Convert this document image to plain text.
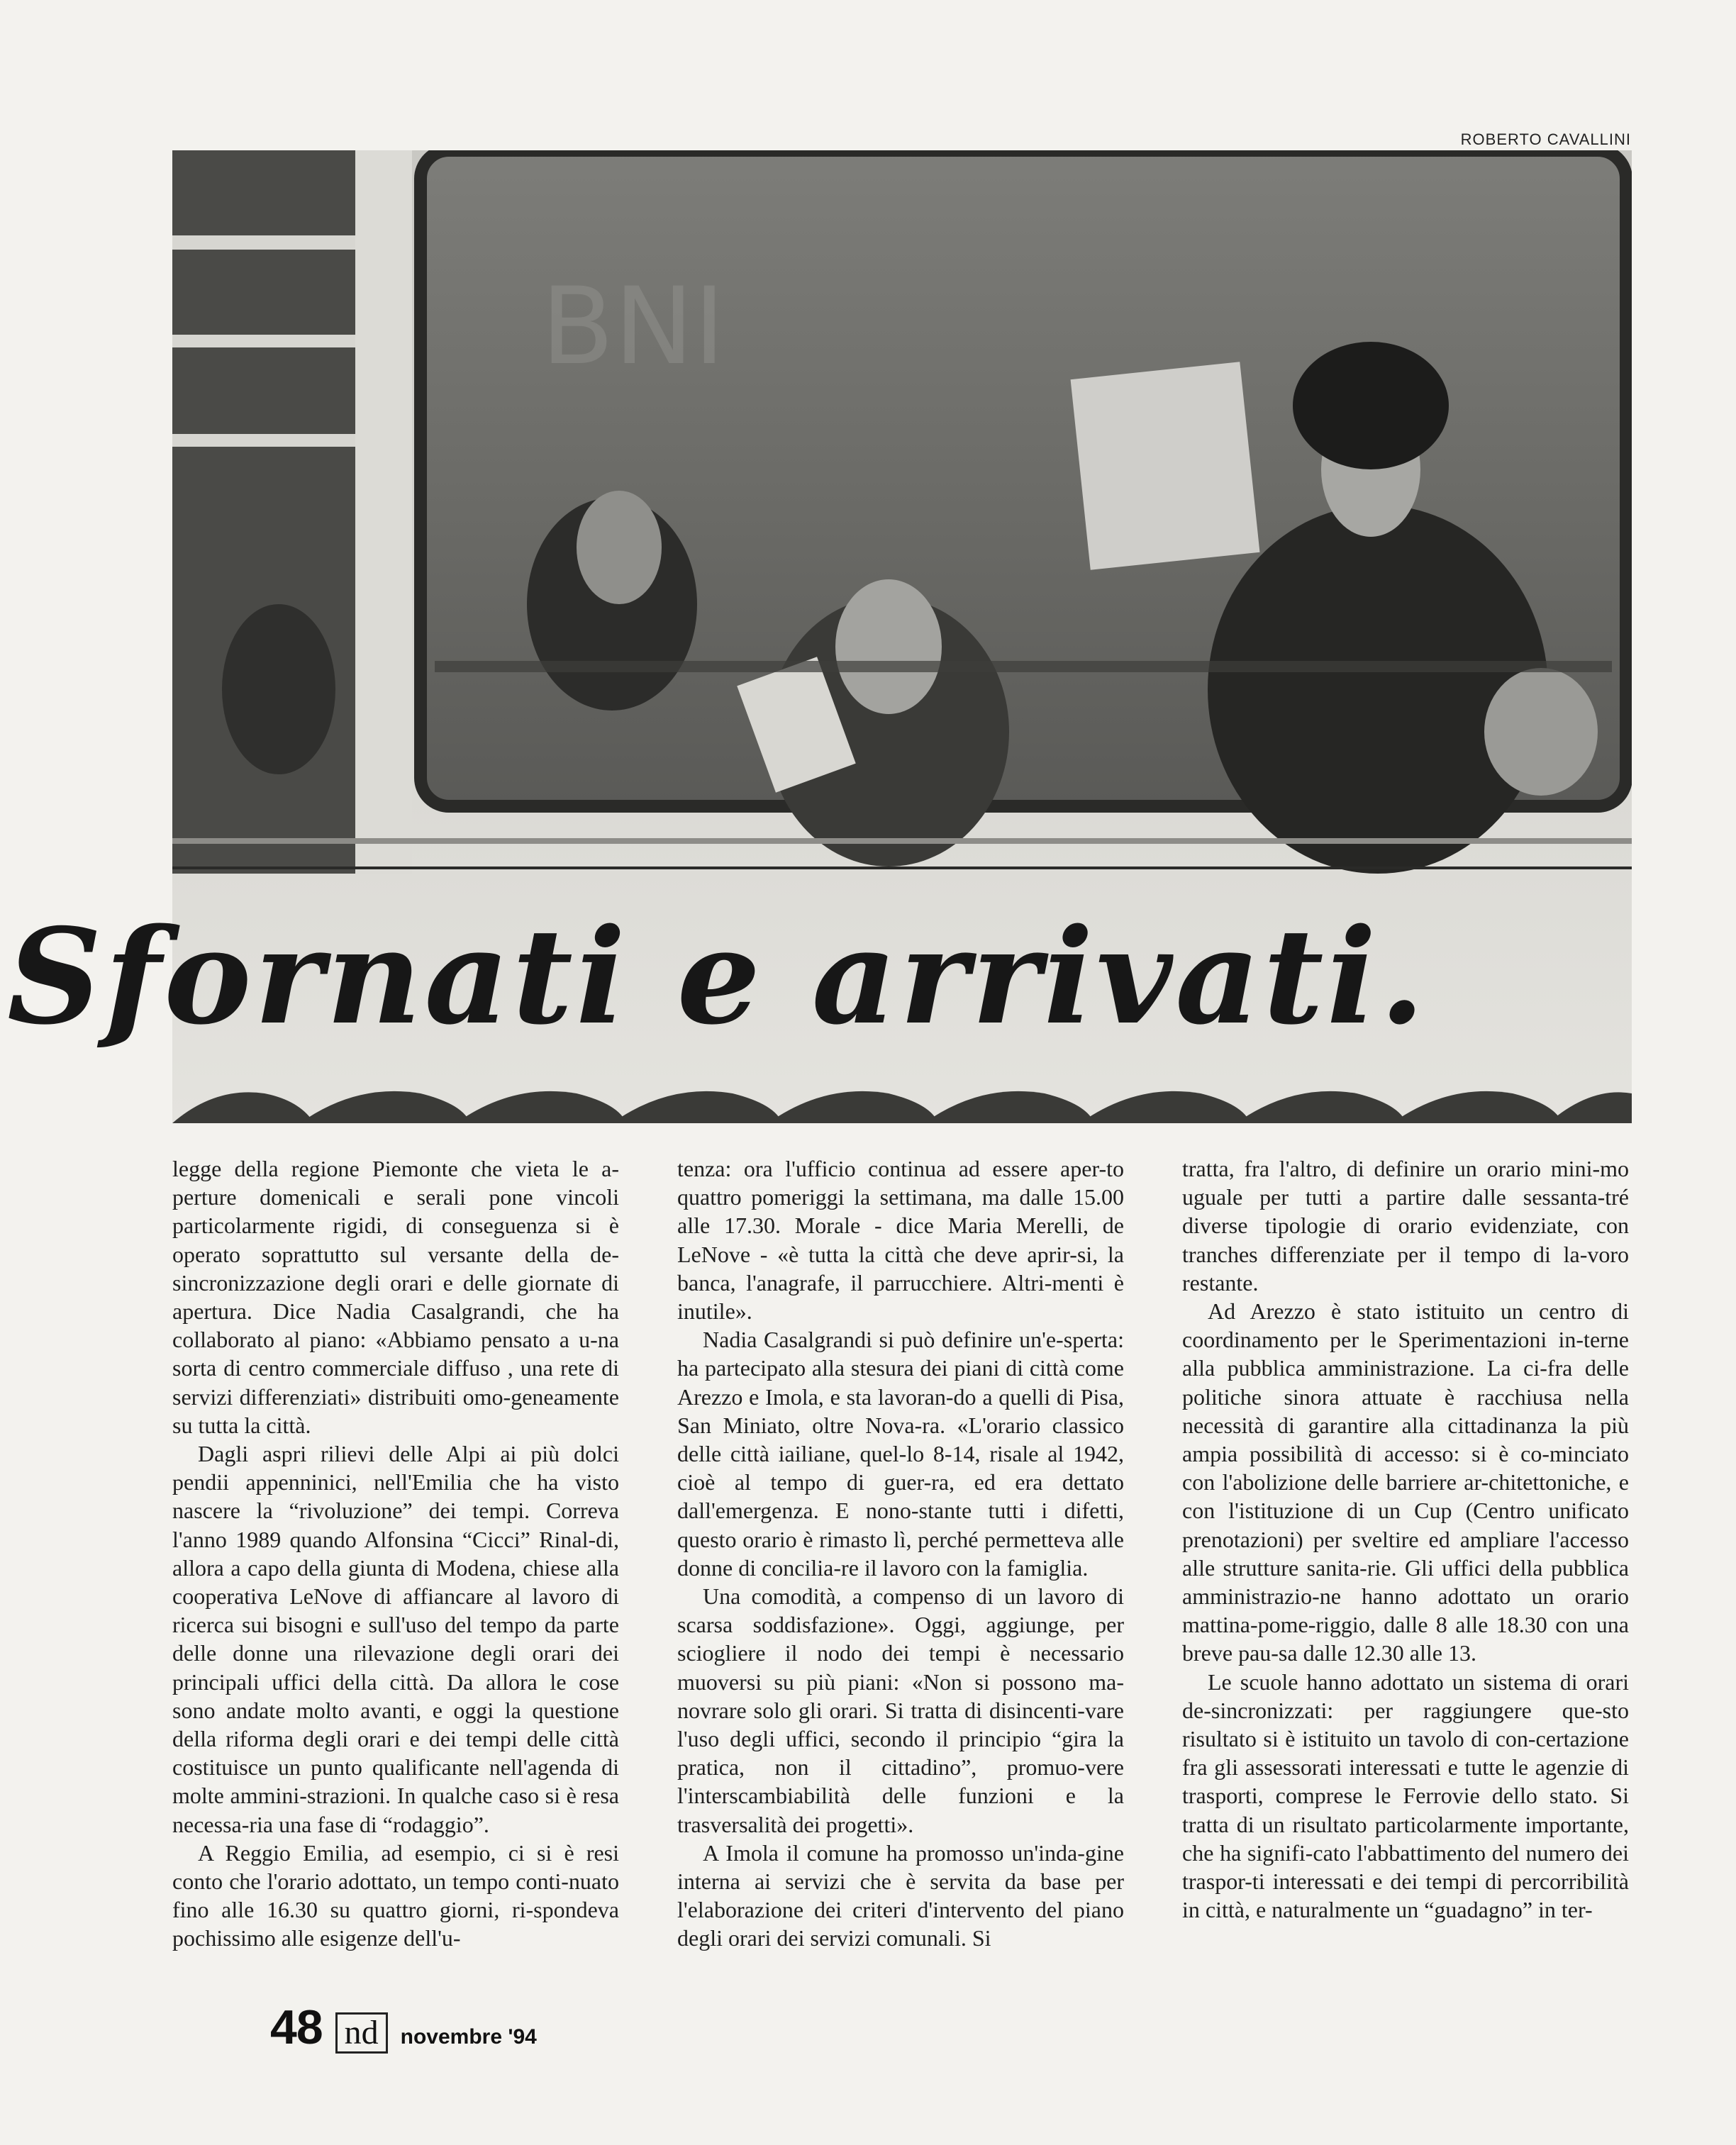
ROBERTO CAVALLINI
BNI
Sfornati e arrivati.

legge della regione Piemonte che vieta le a-perture domenicali e serali pone vincoli particolarmente rigidi, di conseguenza si è operato soprattutto sul versante della de-sincronizzazione degli orari e delle giornate di apertura. Dice Nadia Casalgrandi, che ha collaborato al piano: «Abbiamo pensato a u-na sorta di centro commerciale diffuso , una rete di servizi differenziati» distribuiti omo-geneamente su tutta la città.

Dagli aspri rilievi delle Alpi ai più dolci pendii appenninici, nell'Emilia che ha visto nascere la “rivoluzione” dei tempi. Correva l'anno 1989 quando Alfonsina “Cicci” Rinal-di, allora a capo della giunta di Modena, chiese alla cooperativa LeNove di affiancare al lavoro di ricerca sui bisogni e sull'uso del tempo da parte delle donne una rilevazione degli orari dei principali uffici della città. Da allora le cose sono andate molto avanti, e oggi la questione della riforma degli orari e dei tempi delle città costituisce un punto qualificante nell'agenda di molte ammini-strazioni. In qualche caso si è resa necessa-ria una fase di “rodaggio”.

A Reggio Emilia, ad esempio, ci si è resi conto che l'orario adottato, un tempo conti-nuato fino alle 16.30 su quattro giorni, ri-spondeva pochissimo alle esigenze dell'u-

tenza: ora l'ufficio continua ad essere aper-to quattro pomeriggi la settimana, ma dalle 15.00 alle 17.30. Morale - dice Maria Merelli, de LeNove - «è tutta la città che deve aprir-si, la banca, l'anagrafe, il parrucchiere. Altri-menti è inutile».

Nadia Casalgrandi si può definire un'e-sperta: ha partecipato alla stesura dei piani di città come Arezzo e Imola, e sta lavoran-do a quelli di Pisa, San Miniato, oltre Nova-ra. «L'orario classico delle città iailiane, quel-lo 8-14, risale al 1942, cioè al tempo di guer-ra, ed era dettato dall'emergenza. E nono-stante tutti i difetti, questo orario è rimasto lì, perché permetteva alle donne di concilia-re il lavoro con la famiglia.

Una comodità, a compenso di un lavoro di scarsa soddisfazione». Oggi, aggiunge, per sciogliere il nodo dei tempi è necessario muoversi su più piani: «Non si possono ma-novrare solo gli orari. Si tratta di disincenti-vare l'uso degli uffici, secondo il principio “gira la pratica, non il cittadino”, promuo-vere l'interscambiabilità delle funzioni e la trasversalità dei progetti».

A Imola il comune ha promosso un'inda-gine interna ai servizi che è servita da base per l'elaborazione dei criteri d'intervento del piano degli orari dei servizi comunali. Si

tratta, fra l'altro, di definire un orario mini-mo uguale per tutti a partire dalle sessanta-tré diverse tipologie di orario evidenziate, con tranches differenziate per il tempo di la-voro restante.

Ad Arezzo è stato istituito un centro di coordinamento per le Sperimentazioni in-terne alla pubblica amministrazione. La ci-fra delle politiche sinora attuate è racchiusa nella necessità di garantire alla cittadinanza la più ampia possibilità di accesso: si è co-minciato con l'abolizione delle barriere ar-chitettoniche, e con l'istituzione di un Cup (Centro unificato prenotazioni) per sveltire ed ampliare l'accesso alle strutture sanita-rie. Gli uffici della pubblica amministrazio-ne hanno adottato un orario mattina-pome-riggio, dalle 8 alle 18.30 con una breve pau-sa dalle 12.30 alle 13.

Le scuole hanno adottato un sistema di orari de-sincronizzati: per raggiungere que-sto risultato si è istituito un tavolo di con-certazione fra gli assessorati interessati e tutte le agenzie di trasporti, comprese le Ferrovie dello stato. Si tratta di un risultato particolarmente importante, che ha signifi-cato l'abbattimento del numero dei traspor-ti interessati e dei tempi di percorribilità in città, e naturalmente un “guadagno” in ter-

48 nd	novembre '94
